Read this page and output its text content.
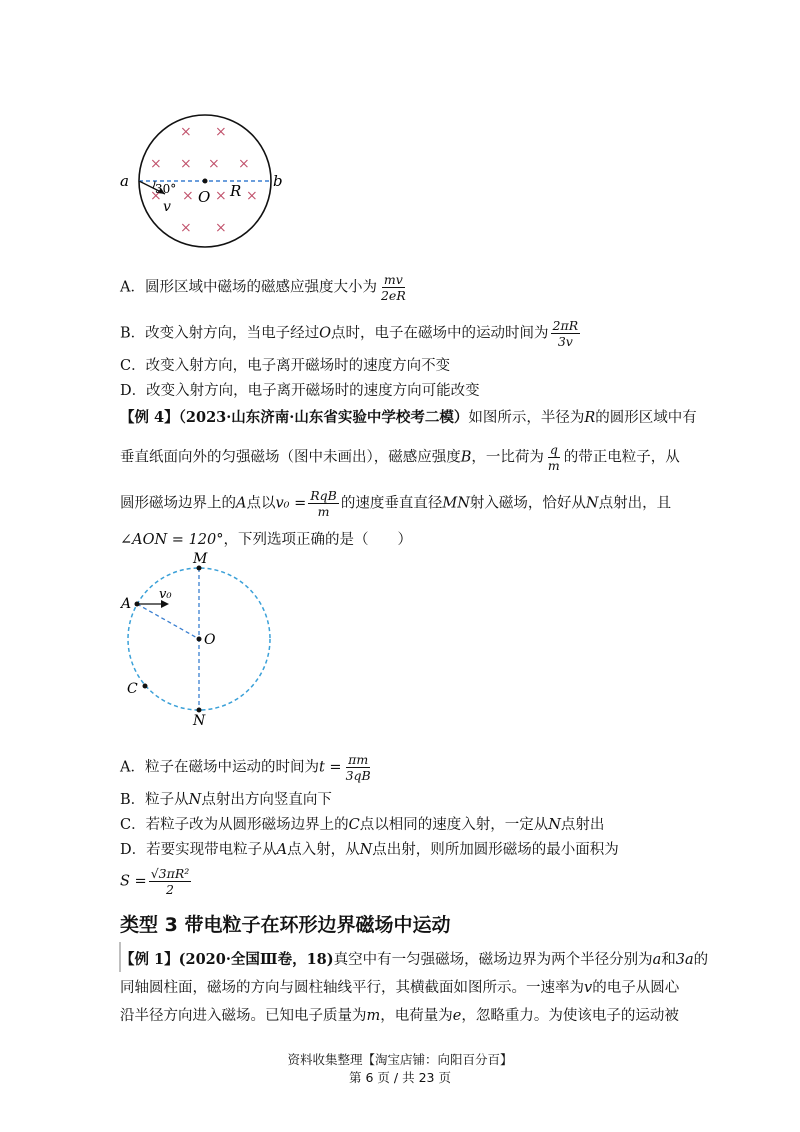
× ×
× × × ×
× × × ×
× ×
a	b
O R
v
30°
A．圆形区域中磁场的磁感应强度大小为 $\frac{mv}{2eR}$
B．改变入射方向，当电子经过O点时，电子在磁场中的运动时间为 $\frac{2\pi R}{3v}$
C．改变入射方向，电子离开磁场时的速度方向不变
D．改变入射方向，电子离开磁场时的速度方向可能改变
【例 4】（2023·山东济南·山东省实验中学校考二模）如图所示，半径为R的圆形区域中有
垂直纸面向外的匀强磁场（图中未画出），磁感应强度B，一比荷为 $\frac{q}{m}$ 的带正电粒子，从
圆形磁场边界上的A点以$v_0 = \frac{\text{RqB}}{m}$ 的速度垂直直径MN射入磁场，恰好从N点射出，且
∠AON = 120°，下列选项正确的是（　　）
M
A
v₀
O
C
N
A．粒子在磁场中运动的时间为$t = \frac{\pi m}{3qB}$
B．粒子从N点射出方向竖直向下
C．若粒子改为从圆形磁场边界上的C点以相同的速度入射，一定从N点射出
D．若要实现带电粒子从A点入射，从N点出射，则所加圆形磁场的最小面积为
$S = \frac{\text{√3πR²}}{2}$
类型 3 带电粒子在环形边界磁场中运动
【例 1】(2020·全国Ⅲ卷，18)真空中有一匀强磁场，磁场边界为两个半径分别为a和3a的
同轴圆柱面，磁场的方向与圆柱轴线平行，其横截面如图所示。一速率为v的电子从圆心
沿半径方向进入磁场。已知电子质量为m，电荷量为e，忽略重力。为使该电子的运动被
资料收集整理【淘宝店铺：向阳百分百】
第 6 页 / 共 23 页
